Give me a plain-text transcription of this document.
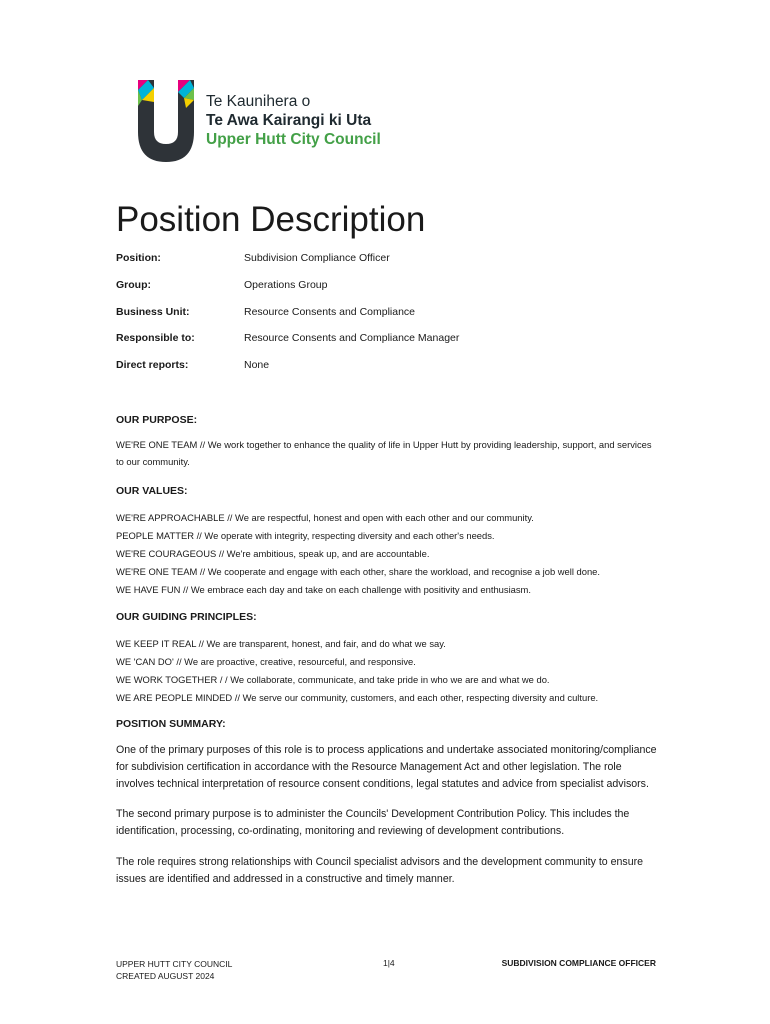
Te Kaunihera o
Te Awa Kairangi ki Uta
Upper Hutt City Council
Position Description
Position:	Subdivision Compliance Officer
Group:	Operations Group
Business Unit:	Resource Consents and Compliance
Responsible to:	Resource Consents and Compliance Manager
Direct reports:	None
OUR PURPOSE:
WE'RE ONE TEAM // We work together to enhance the quality of life in Upper Hutt by providing leadership, support, and services to our community.
OUR VALUES:
WE'RE APPROACHABLE // We are respectful, honest and open with each other and our community.
PEOPLE MATTER // We operate with integrity, respecting diversity and each other's needs.
WE'RE COURAGEOUS // We're ambitious, speak up, and are accountable.
WE'RE ONE TEAM // We cooperate and engage with each other, share the workload, and recognise a job well done.
WE HAVE FUN // We embrace each day and take on each challenge with positivity and enthusiasm.
OUR GUIDING PRINCIPLES:
WE KEEP IT REAL // We are transparent, honest, and fair, and do what we say.
WE 'CAN DO' // We are proactive, creative, resourceful, and responsive.
WE WORK TOGETHER / / We collaborate, communicate, and take pride in who we are and what we do.
WE ARE PEOPLE MINDED // We serve our community, customers, and each other, respecting diversity and culture.
POSITION SUMMARY:

One of the primary purposes of this role is to process applications and undertake associated monitoring/compliance for subdivision certification in accordance with the Resource Management Act and other legislation. The role involves technical interpretation of resource consent conditions, legal statutes and advice from specialist advisors.

The second primary purpose is to administer the Councils' Development Contribution Policy. This includes the identification, processing, co-ordinating, monitoring and reviewing of development contributions.

The role requires strong relationships with Council specialist advisors and the development community to ensure issues are identified and addressed in a constructive and timely manner.

UPPER HUTT CITY COUNCIL
CREATED AUGUST 2024
1|4	SUBDIVISION COMPLIANCE OFFICER
